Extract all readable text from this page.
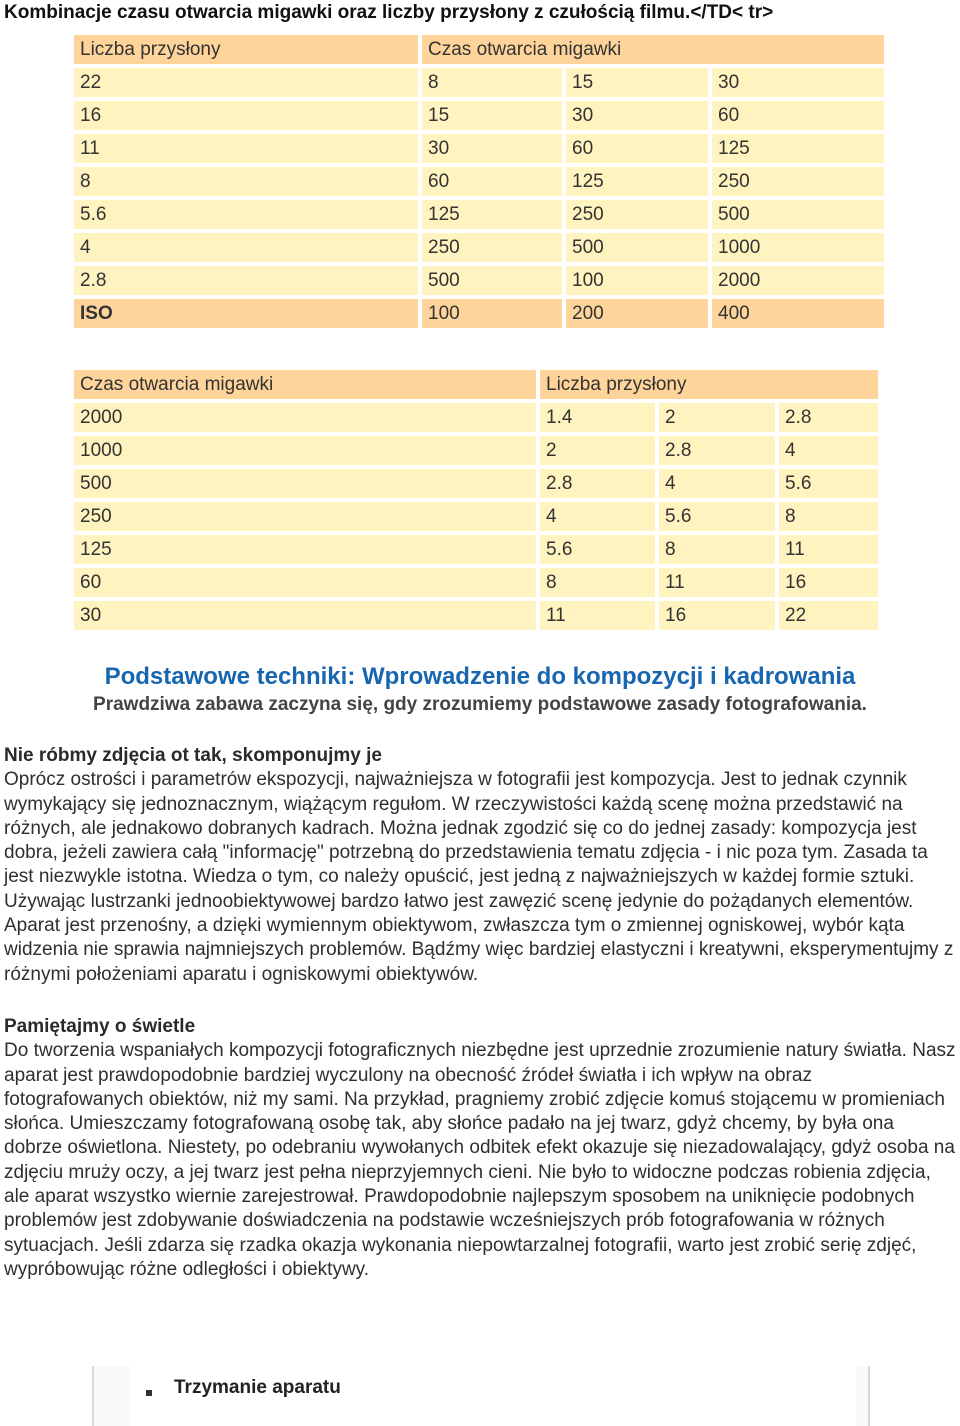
Kombinacje czasu otwarcia migawki oraz liczby przysłony z czułością filmu.</TD< tr>
Liczba przysłony	Czas otwarcia migawki		
22	8	15	30
16	15	30	60
11	30	60	125
8	60	125	250
5.6	125	250	500
4	250	500	1000
2.8	500	100	2000
ISO	100	200	400
Czas otwarcia migawki	Liczba przysłony		
2000	1.4	2	2.8
1000	2	2.8	4
500	2.8	4	5.6
250	4	5.6	8
125	5.6	8	11
60	8	11	16
30	11	16	22
Podstawowe techniki: Wprowadzenie do kompozycji i kadrowania
Prawdziwa zabawa zaczyna się, gdy zrozumiemy podstawowe zasady fotografowania.
Nie róbmy zdjęcia ot tak, skomponujmy je

Oprócz ostrości i parametrów ekspozycji, najważniejsza w fotografii jest kompozycja. Jest to jednak czynnik wymykający się jednoznacznym, wiążącym regułom. W rzeczywistości każdą scenę można przedstawić na różnych, ale jednakowo dobranych kadrach. Można jednak zgodzić się co do jednej zasady: kompozycja jest dobra, jeżeli zawiera całą "informację" potrzebną do przedstawienia tematu zdjęcia - i nic poza tym. Zasada ta jest niezwykle istotna. Wiedza o tym, co należy opuścić, jest jedną z najważniejszych w każdej formie sztuki. Używając lustrzanki jednoobiektywowej bardzo łatwo jest zawęzić scenę jedynie do pożądanych elementów. Aparat jest przenośny, a dzięki wymiennym obiektywom, zwłaszcza tym o zmiennej ogniskowej, wybór kąta widzenia nie sprawia najmniejszych problemów. Bądźmy więc bardziej elastyczni i kreatywni, eksperymentujmy z różnymi położeniami aparatu i ogniskowymi obiektywów.

Pamiętajmy o świetle

Do tworzenia wspaniałych kompozycji fotograficznych niezbędne jest uprzednie zrozumienie natury światła. Nasz aparat jest prawdopodobnie bardziej wyczulony na obecność źródeł światła i ich wpływ na obraz fotografowanych obiektów, niż my sami. Na przykład, pragniemy zrobić zdjęcie komuś stojącemu w promieniach słońca. Umieszczamy fotografowaną osobę tak, aby słońce padało na jej twarz, gdyż chcemy, by była ona dobrze oświetlona. Niestety, po odebraniu wywołanych odbitek efekt okazuje się niezadowalający, gdyż osoba na zdjęciu mruży oczy, a jej twarz jest pełna nieprzyjemnych cieni. Nie było to widoczne podczas robienia zdjęcia, ale aparat wszystko wiernie zarejestrował. Prawdopodobnie najlepszym sposobem na uniknięcie podobnych problemów jest zdobywanie doświadczenia na podstawie wcześniejszych prób fotografowania w różnych sytuacjach. Jeśli zdarza się rzadka okazja wykonania niepowtarzalnej fotografii, warto jest zrobić serię zdjęć, wypróbowując różne odległości i obiektywy.

Trzymanie aparatu
